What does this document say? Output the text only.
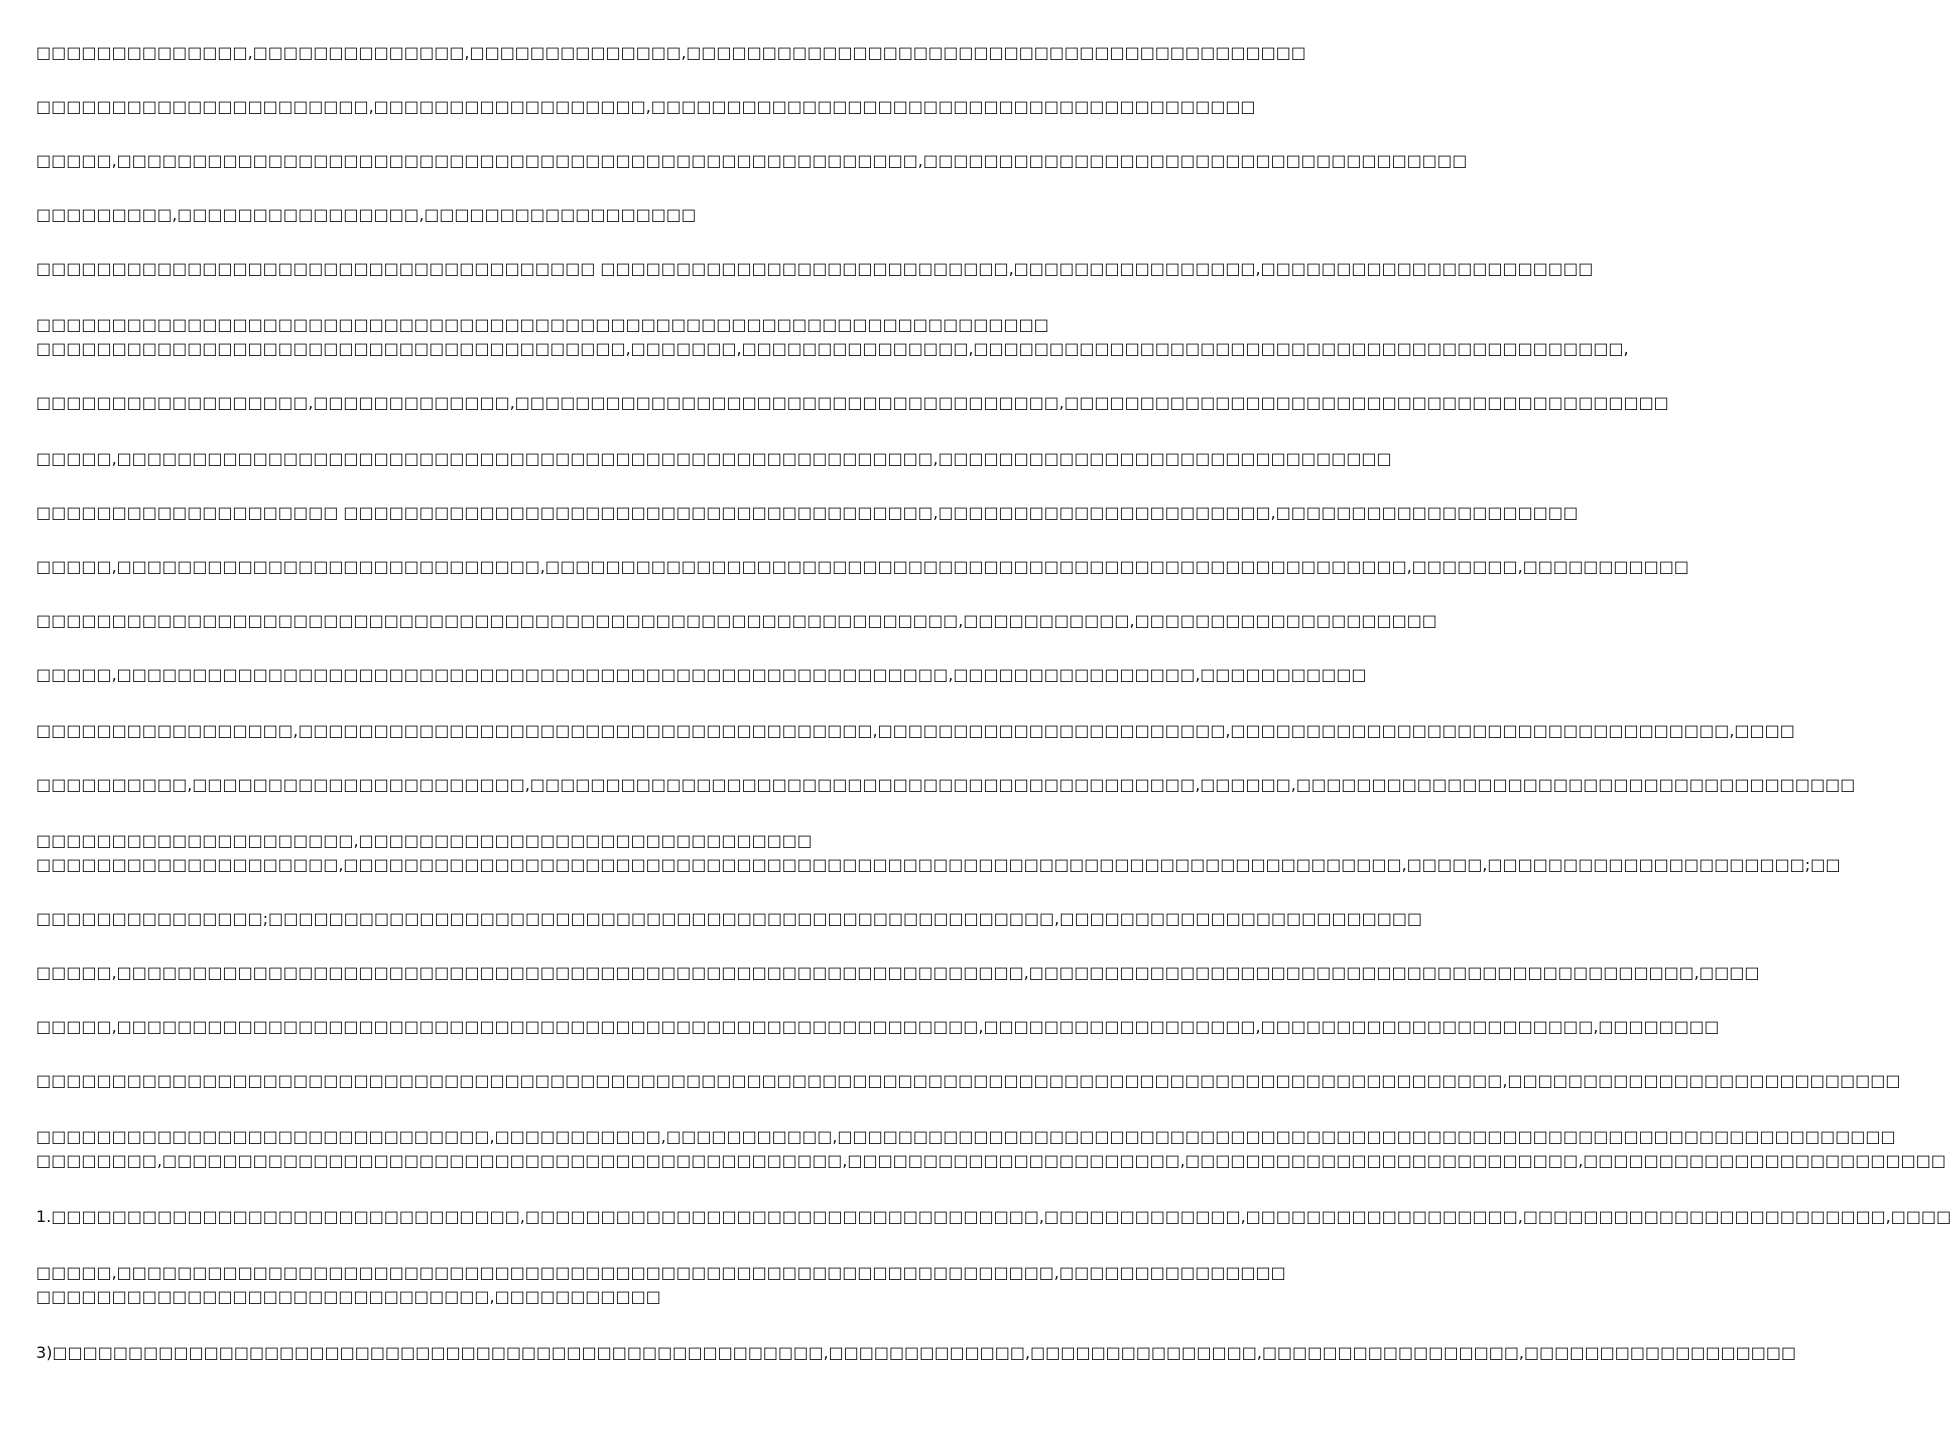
□□□□□□□□□□□□□□,□□□□□□□□□□□□□□,□□□□□□□□□□□□□□,□□□□□□□□□□□□□□□□□□□□□□□□□□□□□□□□□□□□□□□□□
□□□□□□□□□□□□□□□□□□□□□□,□□□□□□□□□□□□□□□□□□,□□□□□□□□□□□□□□□□□□□□□□□□□□□□□□□□□□□□□□□□
□□□□□,□□□□□□□□□□□□□□□□□□□□□□□□□□□□□□□□□□□□□□□□□□□□□□□□□□□□□,□□□□□□□□□□□□□□□□□□□□□□□□□□□□□□□□□□□□
□□□□□□□□□,□□□□□□□□□□□□□□□□,□□□□□□□□□□□□□□□□□□
□□□□□□□□□□□□□□□□□□□□□□□□□□□□□□□□□□□□□ □□□□□□□□□□□□□□□□□□□□□□□□□□□,□□□□□□□□□□□□□□□□,□□□□□□□□□□□□□□□□□□□□□□
□□□□□□□□□□□□□□□□□□□□□□□□□□□□□□□□□□□□□□□□□□□□□□□□□□□□□□□□□□□□□□□□□□□
□□□□□□□□□□□□□□□□□□□□□□□□□□□□□□□□□□□□□□□,□□□□□□□,□□□□□□□□□□□□□□□,□□□□□□□□□□□□□□□□□□□□□□□□□□□□□□□□□□□□□□□□□□□,
□□□□□□□□□□□□□□□□□□,□□□□□□□□□□□□□,□□□□□□□□□□□□□□□□□□□□□□□□□□□□□□□□□□□□,□□□□□□□□□□□□□□□□□□□□□□□□□□□□□□□□□□□□□□□□
□□□□□,□□□□□□□□□□□□□□□□□□□□□□□□□□□□□□□□□□□□□□□□□□□□□□□□□□□□□□,□□□□□□□□□□□□□□□□□□□□□□□□□□□□□□
□□□□□□□□□□□□□□□□□□□□ □□□□□□□□□□□□□□□□□□□□□□□□□□□□□□□□□□□□□□□,□□□□□□□□□□□□□□□□□□□□□□,□□□□□□□□□□□□□□□□□□□□
□□□□□,□□□□□□□□□□□□□□□□□□□□□□□□□□□□,□□□□□□□□□□□□□□□□□□□□□□□□□□□□□□□□□□□□□□□□□□□□□□□□□□□□□□□□□,□□□□□□□,□□□□□□□□□□□
□□□□□□□□□□□□□□□□□□□□□□□□□□□□□□□□□□□□□□□□□□□□□□□□□□□□□□□□□□□□□,□□□□□□□□□□□,□□□□□□□□□□□□□□□□□□□□
□□□□□,□□□□□□□□□□□□□□□□□□□□□□□□□□□□□□□□□□□□□□□□□□□□□□□□□□□□□□□,□□□□□□□□□□□□□□□□,□□□□□□□□□□□
□□□□□□□□□□□□□□□□□,□□□□□□□□□□□□□□□□□□□□□□□□□□□□□□□□□□□□□□,□□□□□□□□□□□□□□□□□□□□□□□,□□□□□□□□□□□□□□□□□□□□□□□□□□□□□□□□□,□□□□
□□□□□□□□□□,□□□□□□□□□□□□□□□□□□□□□□,□□□□□□□□□□□□□□□□□□□□□□□□□□□□□□□□□□□□□□□□□□□□,□□□□□□,□□□□□□□□□□□□□□□□□□□□□□□□□□□□□□□□□□□□□
□□□□□□□□□□□□□□□□□□□□□,□□□□□□□□□□□□□□□□□□□□□□□□□□□□□□
□□□□□□□□□□□□□□□□□□□□,□□□□□□□□□□□□□□□□□□□□□□□□□□□□□□□□□□□□□□□□□□□□□□□□□□□□□□□□□□□□□□□□□□□□□□,□□□□□,□□□□□□□□□□□□□□□□□□□□□;□□
□□□□□□□□□□□□□□□;□□□□□□□□□□□□□□□□□□□□□□□□□□□□□□□□□□□□□□□□□□□□□□□□□□□□,□□□□□□□□□□□□□□□□□□□□□□□□
□□□□□,□□□□□□□□□□□□□□□□□□□□□□□□□□□□□□□□□□□□□□□□□□□□□□□□□□□□□□□□□□□□,□□□□□□□□□□□□□□□□□□□□□□□□□□□□□□□□□□□□□□□□□□□□,□□□□
□□□□□,□□□□□□□□□□□□□□□□□□□□□□□□□□□□□□□□□□□□□□□□□□□□□□□□□□□□□□□□□,□□□□□□□□□□□□□□□□□□,□□□□□□□□□□□□□□□□□□□□□□,□□□□□□□□
□□□□□□□□□□□□□□□□□□□□□□□□□□□□□□□□□□□□□□□□□□□□□□□□□□□□□□□□□□□□□□□□□□□□□□□□□□□□□□□□□□□□□□□□□□□□□□□□□,□□□□□□□□□□□□□□□□□□□□□□□□□□
□□□□□□□□□□□□□□□□□□□□□□□□□□□□□□,□□□□□□□□□□□,□□□□□□□□□□□,□□□□□□□□□□□□□□□□□□□□□□□□□□□□□□□□□□□□□□□□□□□□□□□□□□□□□□□□□□□□□□□□□□□□□□
□□□□□□□□,□□□□□□□□□□□□□□□□□□□□□□□□□□□□□□□□□□□□□□□□□□□□□,□□□□□□□□□□□□□□□□□□□□□□,□□□□□□□□□□□□□□□□□□□□□□□□□□,□□□□□□□□□□□□□□□□□□□□□□□□
1.□□□□□□□□□□□□□□□□□□□□□□□□□□□□□□□,□□□□□□□□□□□□□□□□□□□□□□□□□□□□□□□□□□,□□□□□□□□□□□□□,□□□□□□□□□□□□□□□□□□,□□□□□□□□□□□□□□□□□□□□□□□□,□□□□
□□□□□,□□□□□□□□□□□□□□□□□□□□□□□□□□□□□□□□□□□□□□□□□□□□□□□□□□□□□□□□□□□□□□,□□□□□□□□□□□□□□□
□□□□□□□□□□□□□□□□□□□□□□□□□□□□□□,□□□□□□□□□□□
3)□□□□□□□□□□□□□□□□□□□□□□□□□□□□□□□□□□□□□□□□□□□□□□□□□□□,□□□□□□□□□□□□□,□□□□□□□□□□□□□□□,□□□□□□□□□□□□□□□□□,□□□□□□□□□□□□□□□□□□
